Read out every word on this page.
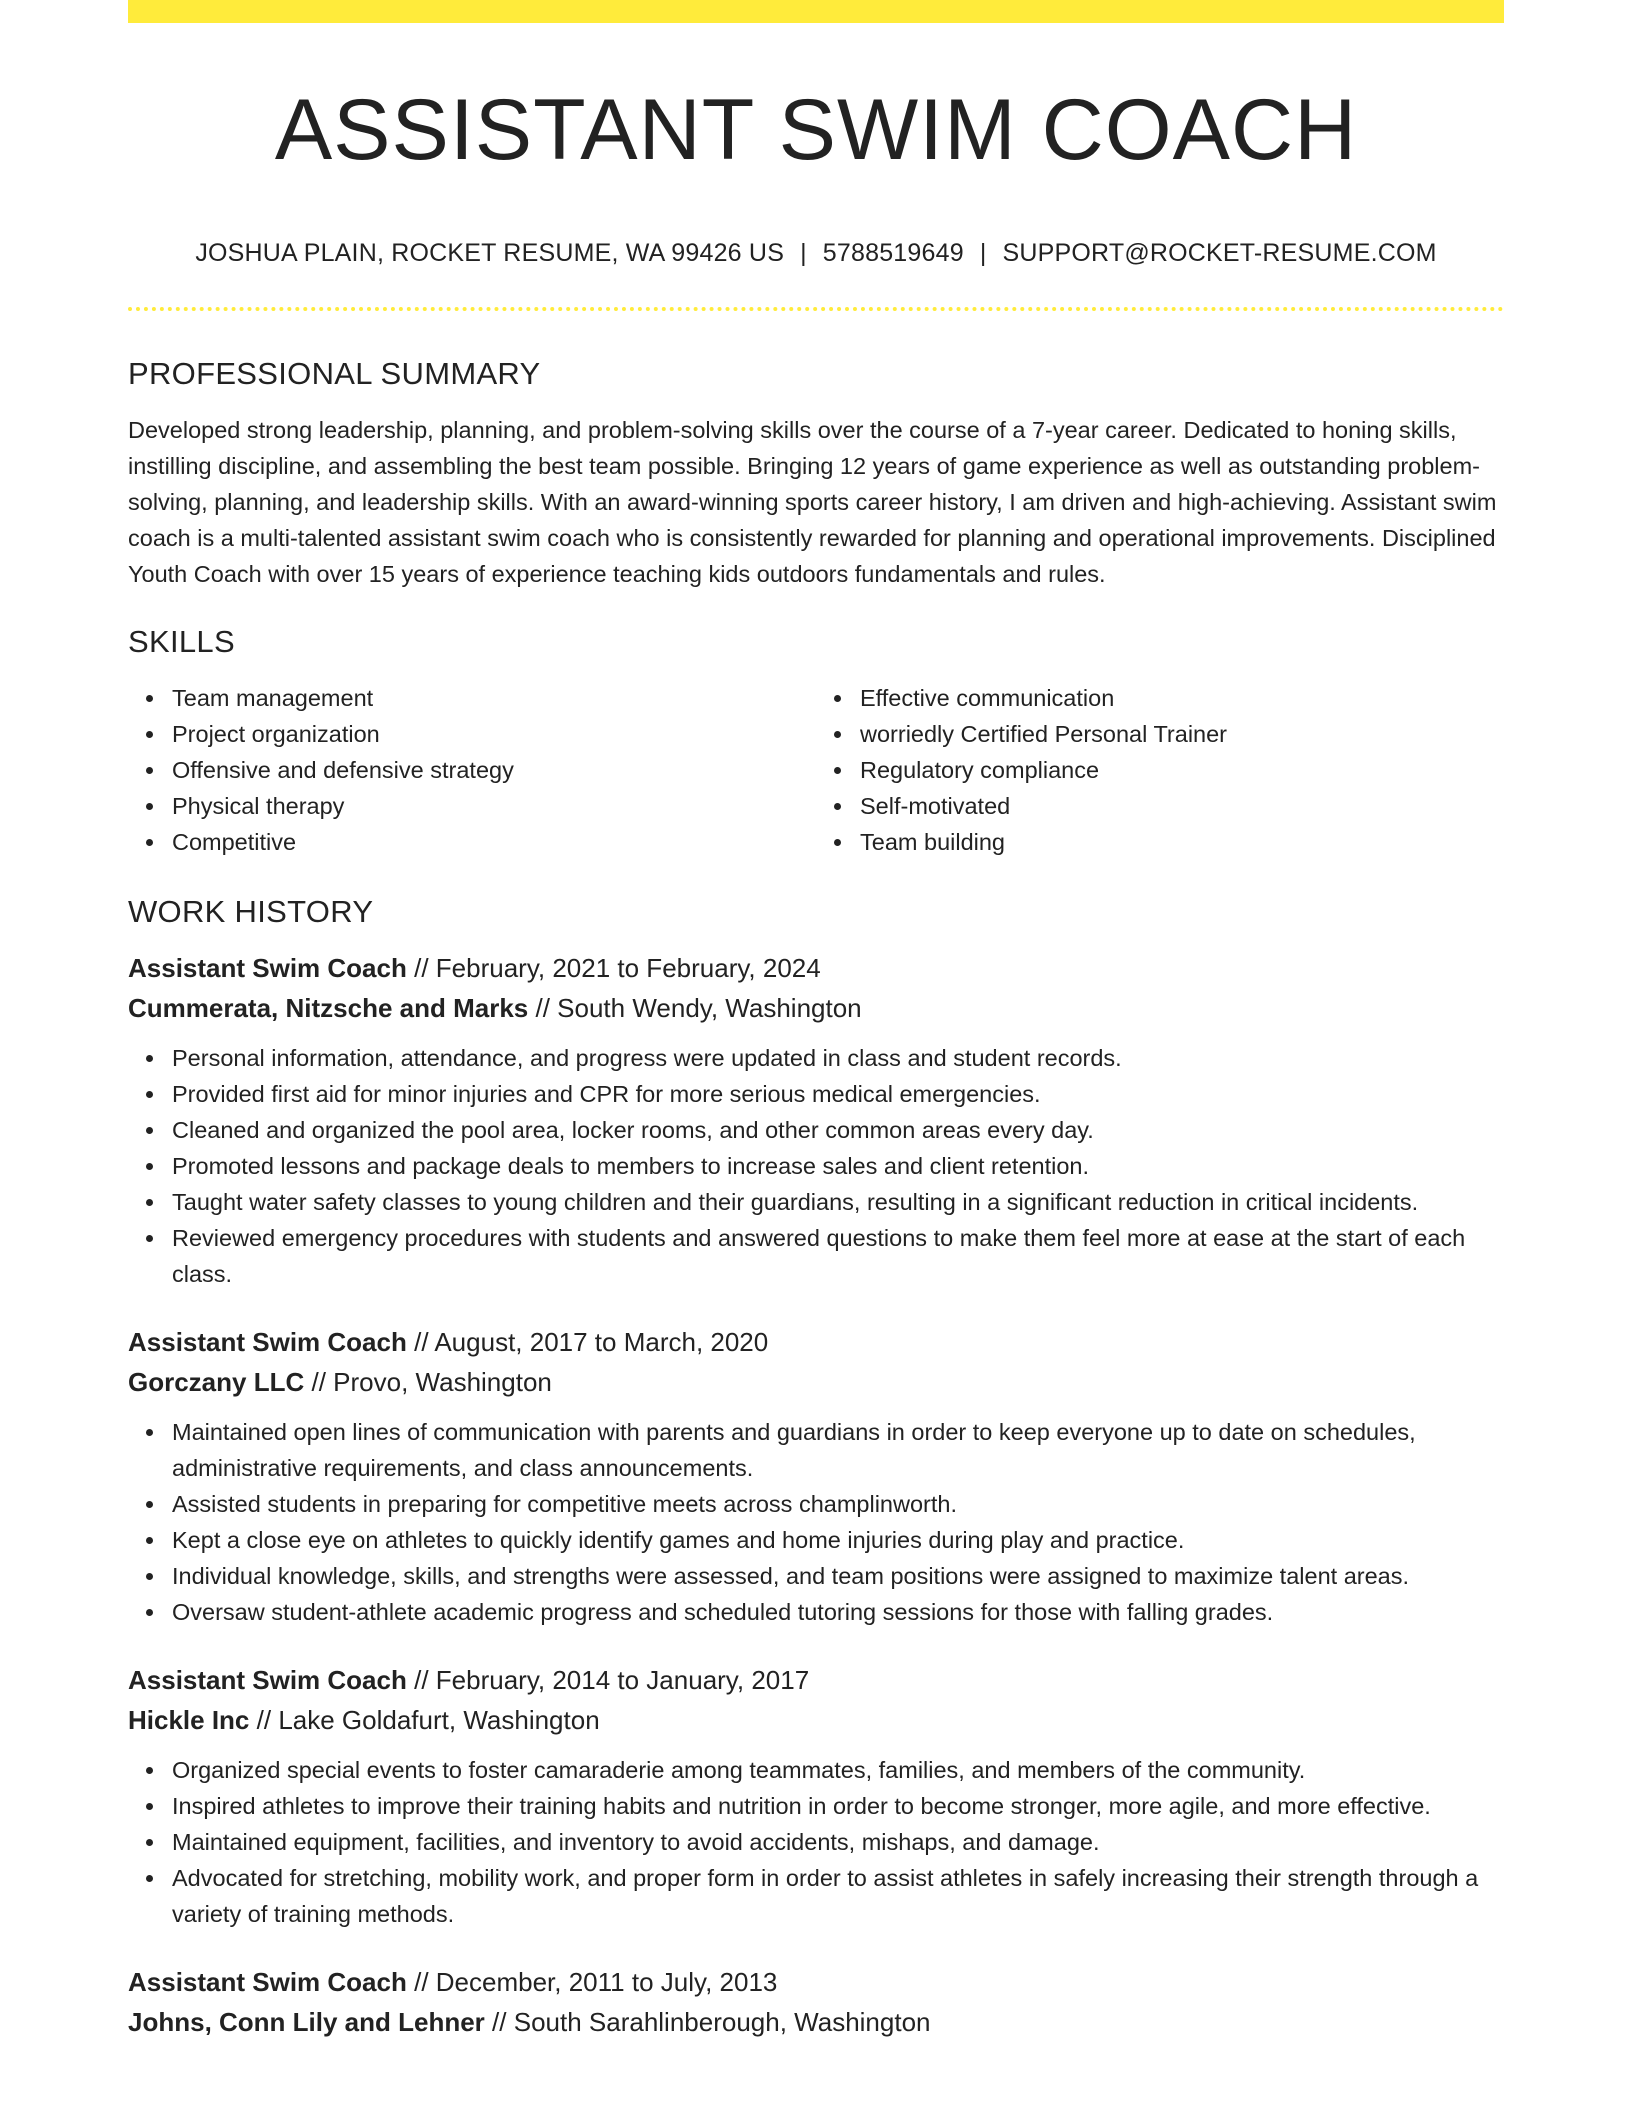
ASSISTANT SWIM COACH
JOSHUA PLAIN, ROCKET RESUME, WA 99426 US | 5788519649 | SUPPORT@ROCKET-RESUME.COM
PROFESSIONAL SUMMARY

Developed strong leadership, planning, and problem-solving skills over the course of a 7-year career. Dedicated to honing skills, instilling discipline, and assembling the best team possible. Bringing 12 years of game experience as well as outstanding problem-solving, planning, and leadership skills. With an award-winning sports career history, I am driven and high-achieving. Assistant swim coach is a multi-talented assistant swim coach who is consistently rewarded for planning and operational improvements. Disciplined Youth Coach with over 15 years of experience teaching kids outdoors fundamentals and rules.

SKILLS
Team management
Project organization
Offensive and defensive strategy
Physical therapy
Competitive
Effective communication
worriedly Certified Personal Trainer
Regulatory compliance
Self-motivated
Team building
WORK HISTORY
Assistant Swim Coach // February, 2021 to February, 2024
Cummerata, Nitzsche and Marks // South Wendy, Washington
Personal information, attendance, and progress were updated in class and student records.
Provided first aid for minor injuries and CPR for more serious medical emergencies.
Cleaned and organized the pool area, locker rooms, and other common areas every day.
Promoted lessons and package deals to members to increase sales and client retention.
Taught water safety classes to young children and their guardians, resulting in a significant reduction in critical incidents.
Reviewed emergency procedures with students and answered questions to make them feel more at ease at the start of each class.
Assistant Swim Coach // August, 2017 to March, 2020
Gorczany LLC // Provo, Washington
Maintained open lines of communication with parents and guardians in order to keep everyone up to date on schedules, administrative requirements, and class announcements.
Assisted students in preparing for competitive meets across champlinworth.
Kept a close eye on athletes to quickly identify games and home injuries during play and practice.
Individual knowledge, skills, and strengths were assessed, and team positions were assigned to maximize talent areas.
Oversaw student-athlete academic progress and scheduled tutoring sessions for those with falling grades.
Assistant Swim Coach // February, 2014 to January, 2017
Hickle Inc // Lake Goldafurt, Washington
Organized special events to foster camaraderie among teammates, families, and members of the community.
Inspired athletes to improve their training habits and nutrition in order to become stronger, more agile, and more effective.
Maintained equipment, facilities, and inventory to avoid accidents, mishaps, and damage.
Advocated for stretching, mobility work, and proper form in order to assist athletes in safely increasing their strength through a variety of training methods.
Assistant Swim Coach // December, 2011 to July, 2013
Johns, Conn Lily and Lehner // South Sarahlinberough, Washington
